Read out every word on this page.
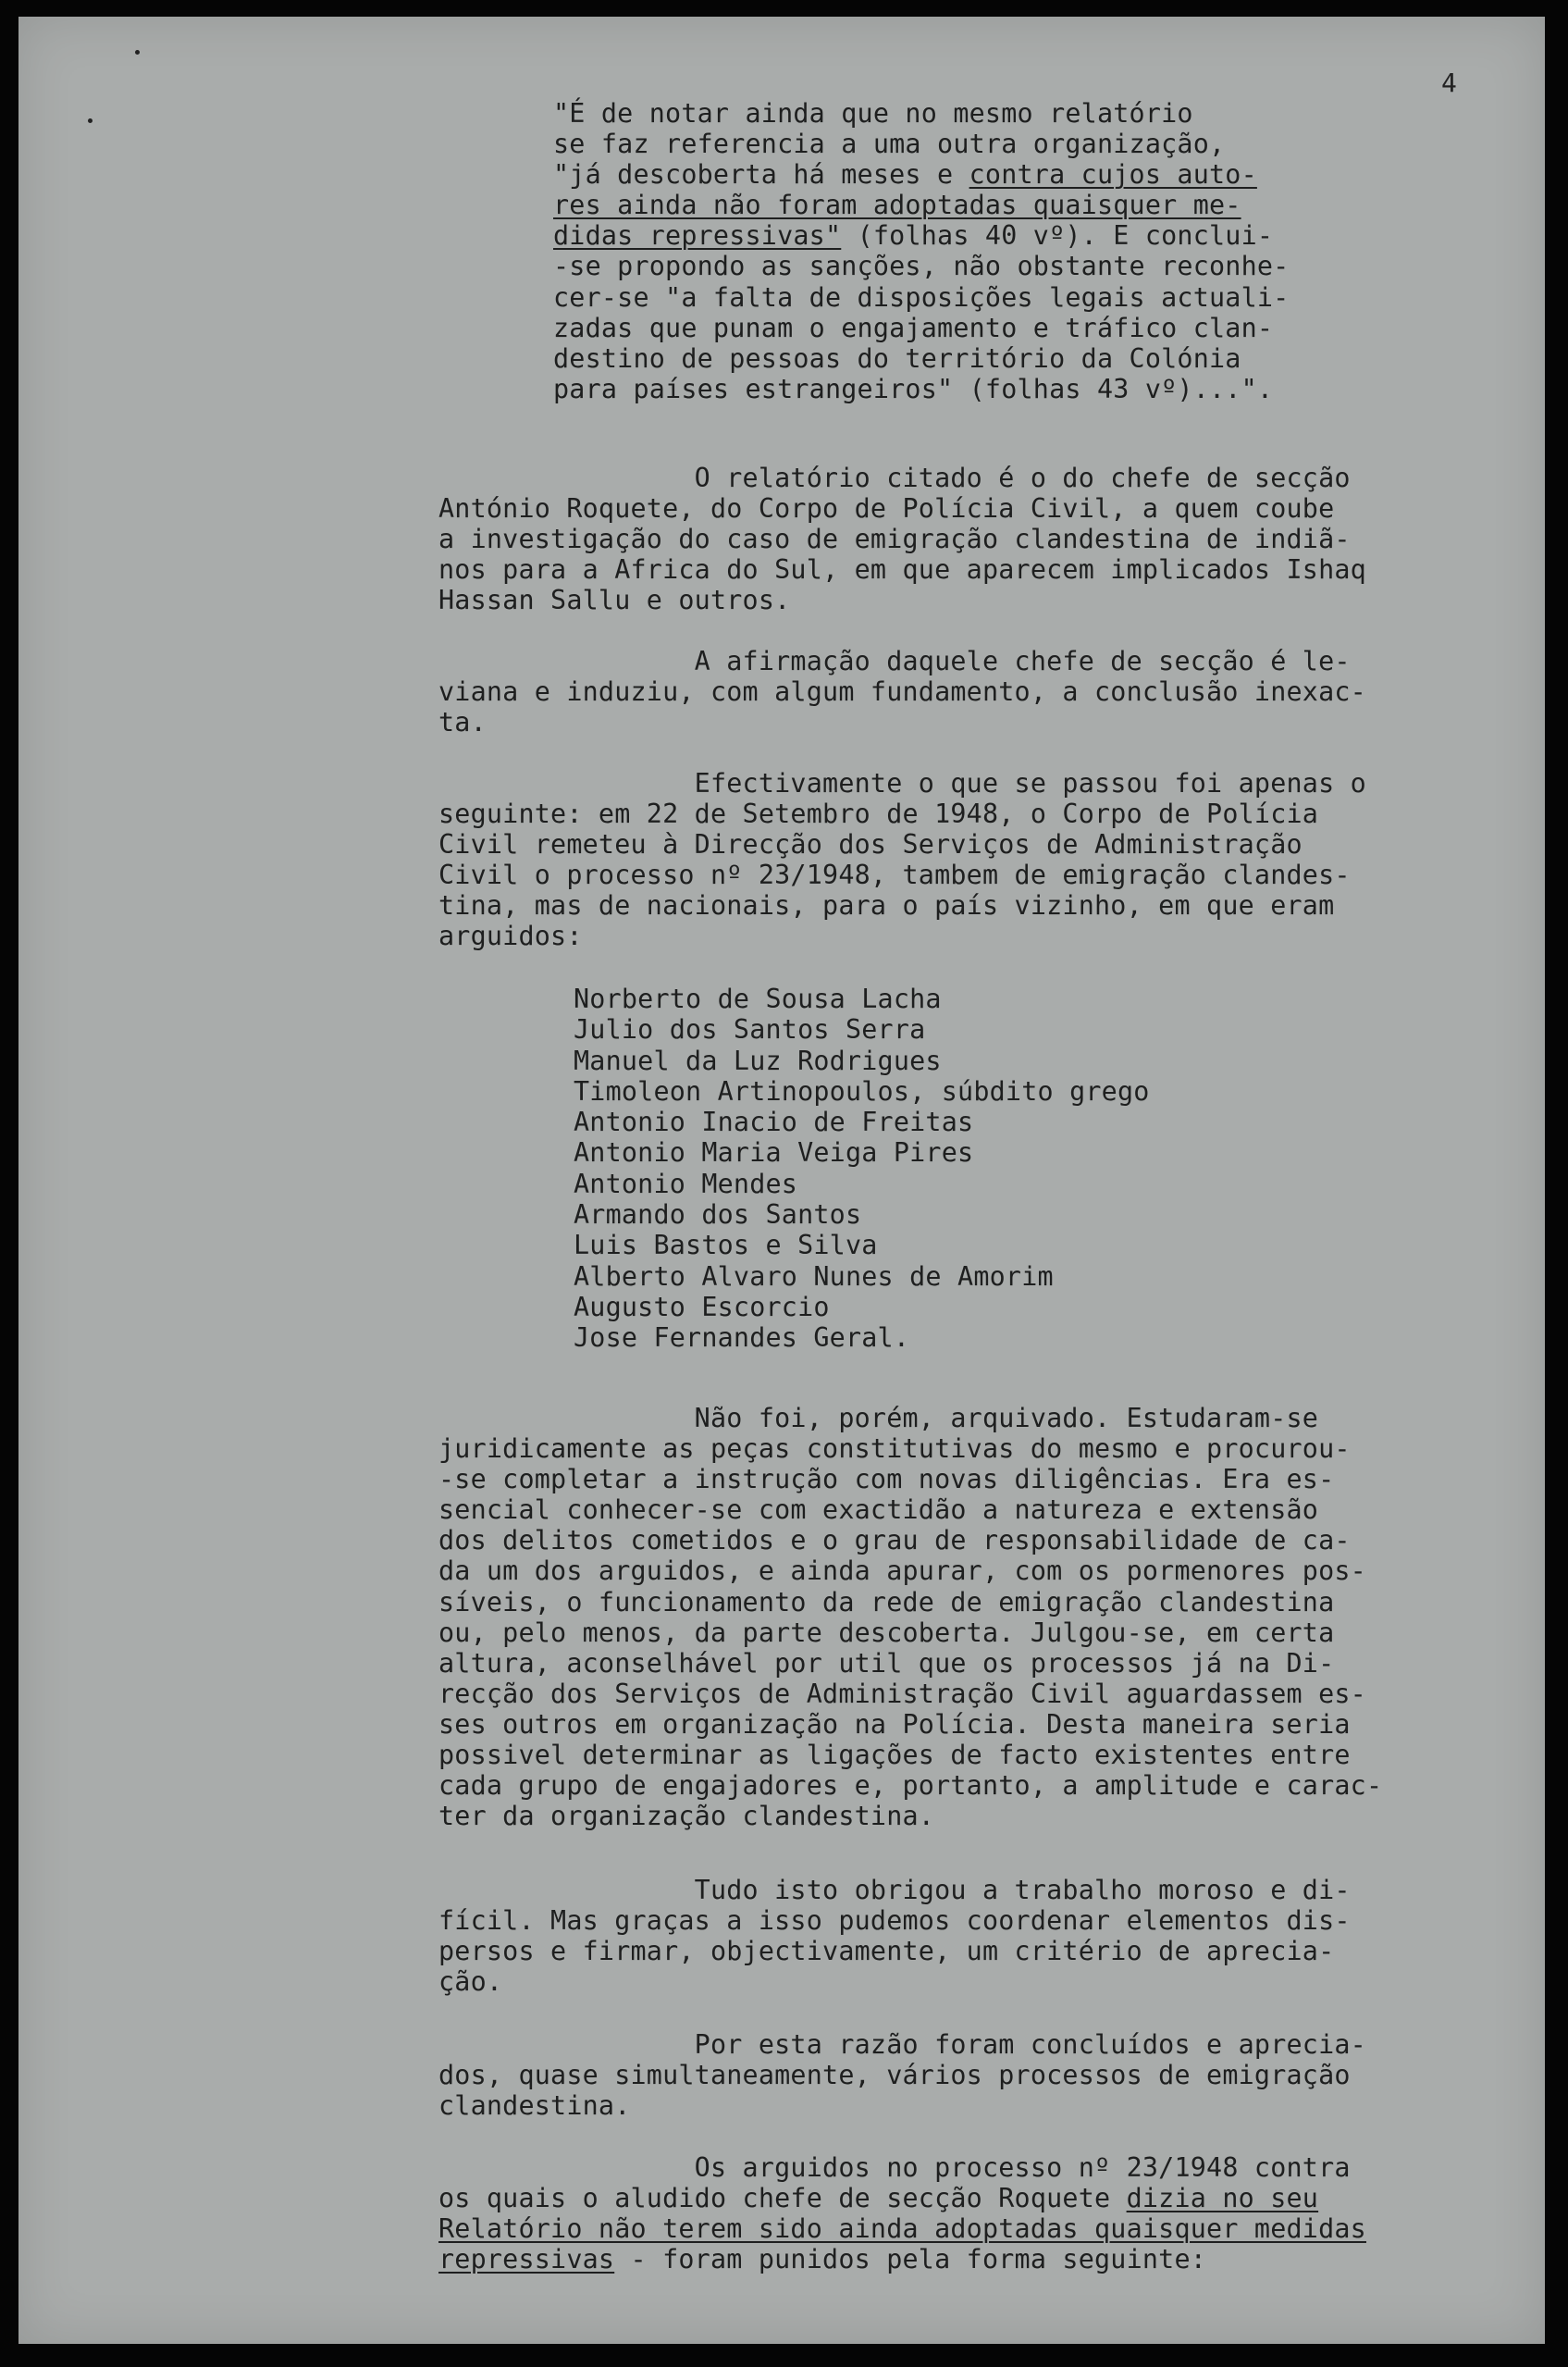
4
"É de notar ainda que no mesmo relatório
se faz referencia a uma outra organização,
"já descoberta há meses e contra cujos auto-
res ainda não foram adoptadas quaisquer me-
didas repressivas" (folhas 40 vº). E conclui-
-se propondo as sanções, não obstante reconhe-
cer-se "a falta de disposições legais actuali-
zadas que punam o engajamento e tráfico clan-
destino de pessoas do território da Colónia
para países estrangeiros" (folhas 43 vº)...".
O relatório citado é o do chefe de secção
António Roquete, do Corpo de Polícia Civil, a quem coube
a investigação do caso de emigração clandestina de indiã-
nos para a Africa do Sul, em que aparecem implicados Ishaq
Hassan Sallu e outros.
A afirmação daquele chefe de secção é le-
viana e induziu, com algum fundamento, a conclusão inexac-
ta.
Efectivamente o que se passou foi apenas o
seguinte: em 22 de Setembro de 1948, o Corpo de Polícia
Civil remeteu à Direcção dos Serviços de Administração
Civil o processo nº 23/1948, tambem de emigração clandes-
tina, mas de nacionais, para o país vizinho, em que eram
arguidos:
Norberto de Sousa Lacha
Julio dos Santos Serra
Manuel da Luz Rodrigues
Timoleon Artinopoulos, súbdito grego
Antonio Inacio de Freitas
Antonio Maria Veiga Pires
Antonio Mendes
Armando dos Santos
Luis Bastos e Silva
Alberto Alvaro Nunes de Amorim
Augusto Escorcio
Jose Fernandes Geral.
Não foi, porém, arquivado. Estudaram-se
juridicamente as peças constitutivas do mesmo e procurou-
-se completar a instrução com novas diligências. Era es-
sencial conhecer-se com exactidão a natureza e extensão
dos delitos cometidos e o grau de responsabilidade de ca-
da um dos arguidos, e ainda apurar, com os pormenores pos-
síveis, o funcionamento da rede de emigração clandestina
ou, pelo menos, da parte descoberta. Julgou-se, em certa
altura, aconselhável por util que os processos já na Di-
recção dos Serviços de Administração Civil aguardassem es-
ses outros em organização na Polícia. Desta maneira seria
possivel determinar as ligações de facto existentes entre
cada grupo de engajadores e, portanto, a amplitude e carac-
ter da organização clandestina.
Tudo isto obrigou a trabalho moroso e di-
fícil. Mas graças a isso pudemos coordenar elementos dis-
persos e firmar, objectivamente, um critério de aprecia-
ção.
Por esta razão foram concluídos e aprecia-
dos, quase simultaneamente, vários processos de emigração
clandestina.
Os arguidos no processo nº 23/1948 contra
os quais o aludido chefe de secção Roquete dizia no seu
Relatório não terem sido ainda adoptadas quaisquer medidas
repressivas - foram punidos pela forma seguinte:
